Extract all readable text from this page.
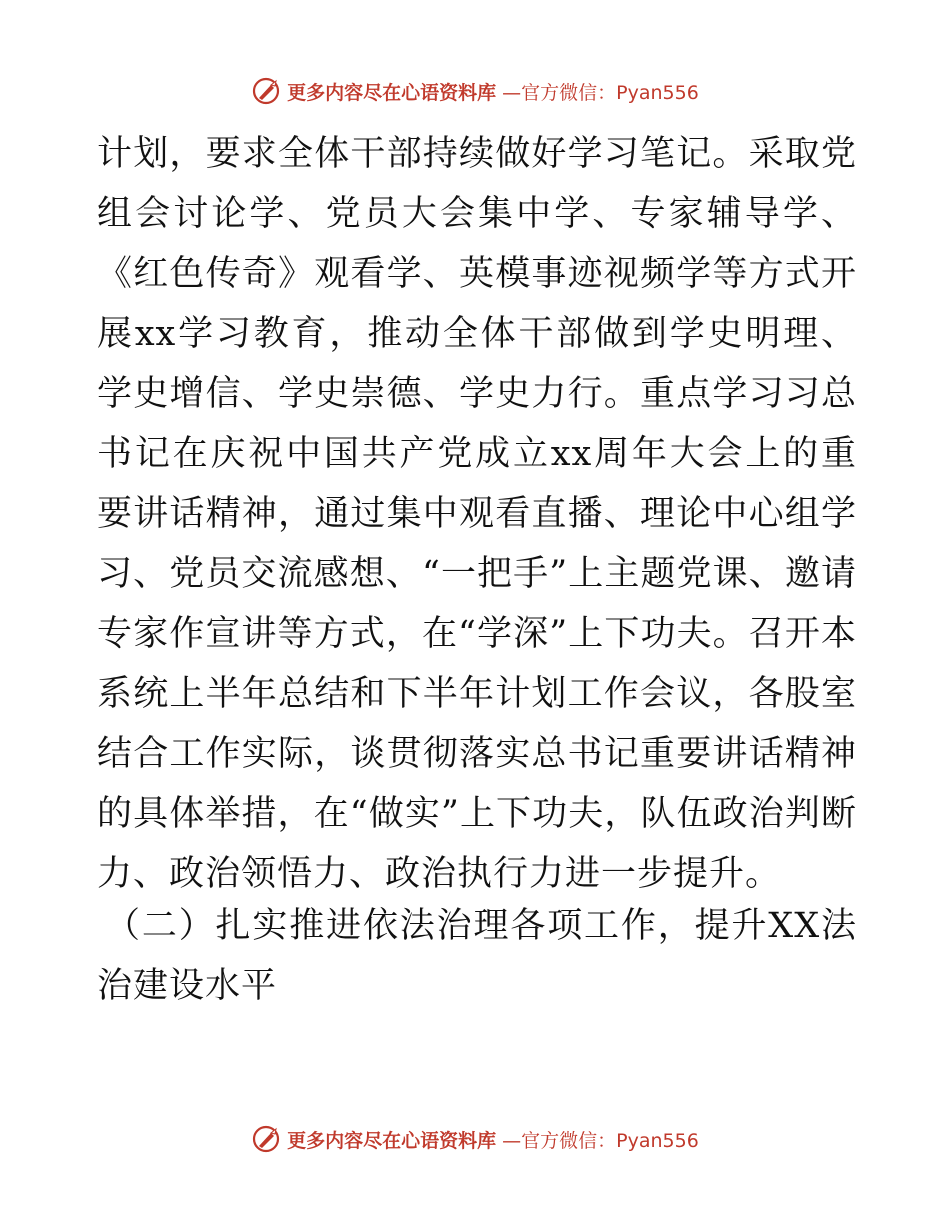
更多内容尽在心语资料库 —官方微信：Pyan556

计划，要求全体干部持续做好学习笔记。采取党组会讨论学、党员大会集中学、专家辅导学、《红色传奇》观看学、英模事迹视频学等方式开展xx学习教育，推动全体干部做到学史明理、学史增信、学史崇德、学史力行。重点学习习总书记在庆祝中国共产党成立xx周年大会上的重要讲话精神，通过集中观看直播、理论中心组学习、党员交流感想、“一把手”上主题党课、邀请专家作宣讲等方式，在“学深”上下功夫。召开本系统上半年总结和下半年计划工作会议，各股室结合工作实际，谈贯彻落实总书记重要讲话精神的具体举措，在“做实”上下功夫，队伍政治判断力、政治领悟力、政治执行力进一步提升。

（二）扎实推进依法治理各项工作，提升XX法治建设水平
更多内容尽在心语资料库 —官方微信：Pyan556
